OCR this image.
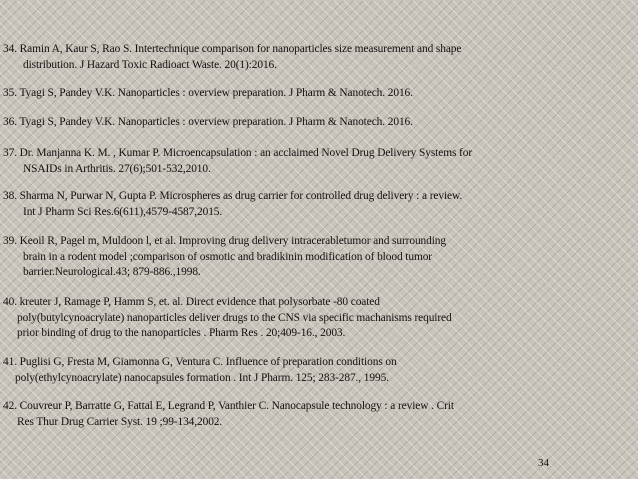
34. Ramin A, Kaur S, Rao S. Intertechnique comparison for nanoparticles size measurement and shape
distribution. J Hazard Toxic Radioact Waste. 20(1):2016.
35. Tyagi S, Pandey V.K. Nanoparticles : overview preparation. J Pharm & Nanotech. 2016.
36. Tyagi S, Pandey V.K. Nanoparticles : overview preparation. J Pharm & Nanotech. 2016.
37. Dr. Manjanna K. M. , Kumar P. Microencapsulation : an acclaimed Novel Drug Delivery Systems for
NSAIDs in Arthritis. 27(6);501-532,2010.
38. Sharma N, Purwar N, Gupta P. Microspheres as drug carrier for controlled drug delivery : a review.
Int J Pharm Sci Res.6(611),4579-4587,2015.
39. Keoil R, Pagel m, Muldoon l, et al. Improving drug delivery intracerabletumor and surrounding
brain in a rodent model ;comparison of osmotic and bradikinin modification of blood tumor
barrier.Neurological.43; 879-886.,1998.
40. kreuter J, Ramage P, Hamm S, et. al. Direct evidence that polysorbate -80 coated
poly(butylcynoacrylate) nanoparticles deliver drugs to the CNS via specific machanisms required
prior binding of drug to the nanoparticles . Pharm Res . 20;409-16., 2003.
41. Puglisi G, Fresta M, Giamonna G, Ventura C. Influence of preparation conditions on
poly(ethylcynoacrylate) nanocapsules formation . Int J Pharm. 125; 283-287., 1995.
42. Couvreur P, Barratte G, Fattal E, Legrand P, Vanthier C. Nanocapsule technology : a review . Crit
Res Thur Drug Carrier Syst. 19 ;99-134,2002.
34
